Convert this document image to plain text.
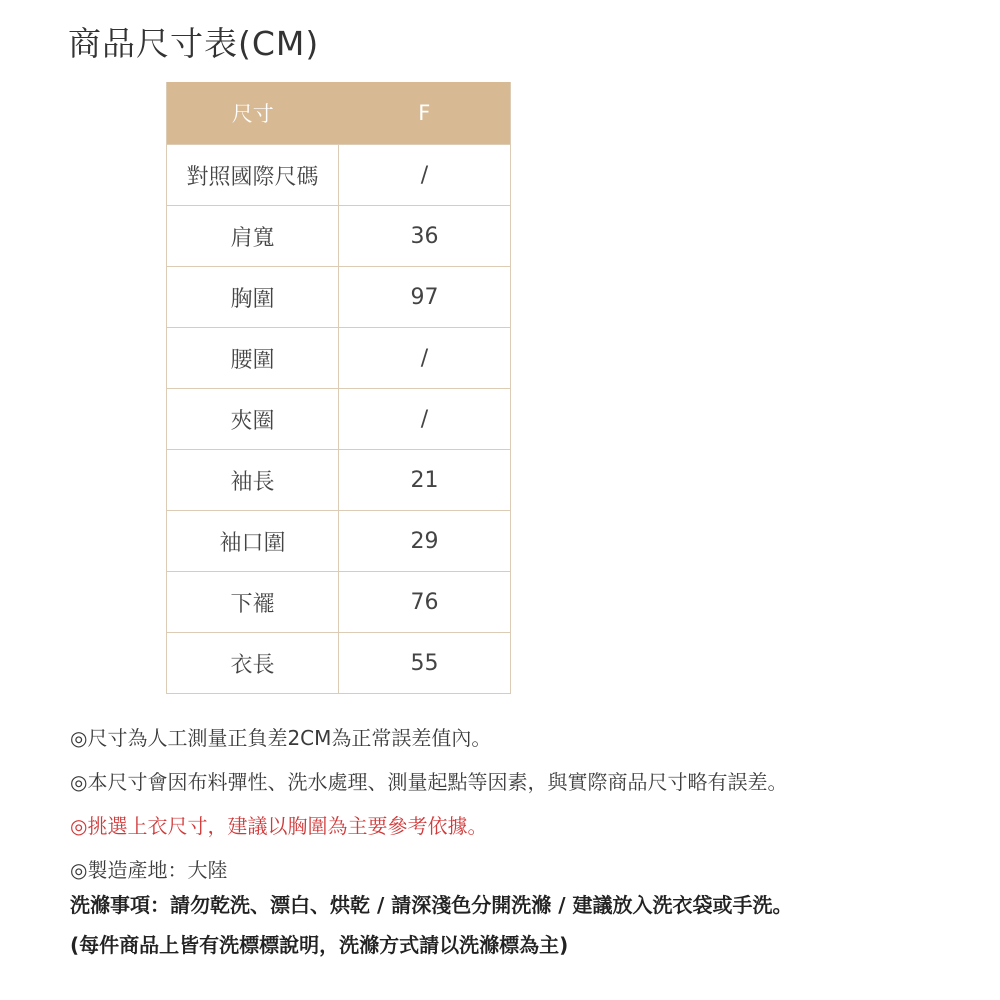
商品尺寸表(CM)
尺寸	F
對照國際尺碼	/
肩寬	36
胸圍	97
腰圍	/
夾圈	/
袖長	21
袖口圍	29
下襬	76
衣長	55
◎尺寸為人工測量正負差2CM為正常誤差值內。
◎本尺寸會因布料彈性、洗水處理、測量起點等因素，與實際商品尺寸略有誤差。
◎挑選上衣尺寸，建議以胸圍為主要參考依據。
◎製造產地：大陸
洗滌事項：請勿乾洗、漂白、烘乾 / 請深淺色分開洗滌 / 建議放入洗衣袋或手洗。
(每件商品上皆有洗標標說明，洗滌方式請以洗滌標為主)
